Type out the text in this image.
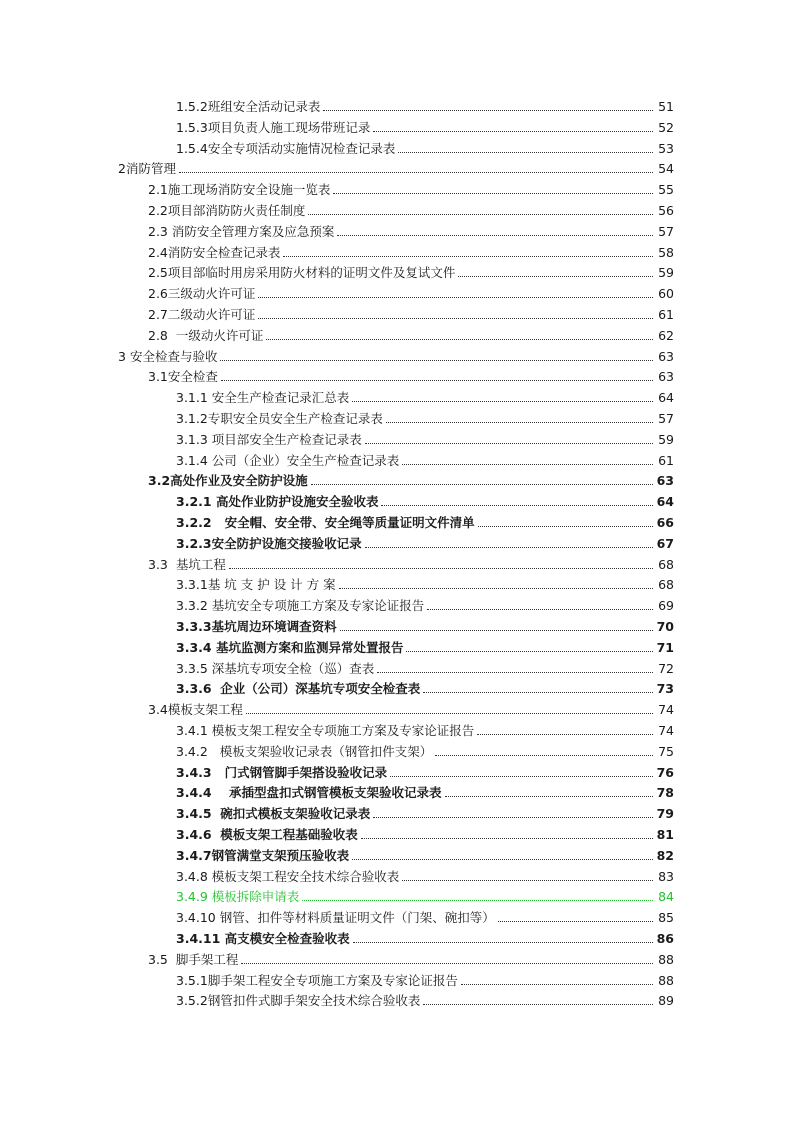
1.5.2 班组安全活动记录表	51
1.5.3 项目负责人施工现场带班记录	52
1.5.4 安全专项活动实施情况检查记录表	53
2 消防管理	54
2.1 施工现场消防安全设施一览表	55
2.2 项目部消防防火责任制度	56
2.3 消防安全管理方案及应急预案	57
2.4 消防安全检查记录表	58
2.5 项目部临时用房采用防火材料的证明文件及复试文件	59
2.6 三级动火许可证	60
2.7 二级动火许可证	61
2.8 一级动火许可证	62
3 安全检查与验收	63
3.1 安全检查	63
3.1.1 安全生产检查记录汇总表	64
3.1.2 专职安全员安全生产检查记录表	57
3.1.3 项目部安全生产检查记录表	59
3.1.4 公司（企业）安全生产检查记录表	61
3.2 高处作业及安全防护设施	63
3.2.1 高处作业防护设施安全验收表	64
3.2.2 安全帽、安全带、安全绳等质量证明文件清单	66
3.2.3 安全防护设施交接验收记录	67
3.3 基坑工程	68
3.3.1 基 坑 支 护 设 计 方 案	68
3.3.2 基坑安全专项施工方案及专家论证报告	69
3.3.3 基坑周边环境调查资料	70
3.3.4 基坑监测方案和监测异常处置报告	71
3.3.5 深基坑专项安全检（巡）查表	72
3.3.6 企业（公司）深基坑专项安全检查表	73
3.4 模板支架工程	74
3.4.1 模板支架工程安全专项施工方案及专家论证报告	74
3.4.2 模板支架验收记录表（钢管扣件支架）	75
3.4.3 门式钢管脚手架搭设验收记录	76
3.4.4 承插型盘扣式钢管模板支架验收记录表	78
3.4.5 碗扣式模板支架验收记录表	79
3.4.6 模板支架工程基础验收表	81
3.4.7 钢管满堂支架预压验收表	82
3.4.8 模板支架工程安全技术综合验收表	83
3.4.9 模板拆除申请表	84
3.4.10 钢管、扣件等材料质量证明文件（门架、碗扣等）	85
3.4.11 高支模安全检查验收表	86
3.5 脚手架工程	88
3.5.1 脚手架工程安全专项施工方案及专家论证报告	88
3.5.2 钢管扣件式脚手架安全技术综合验收表	89
